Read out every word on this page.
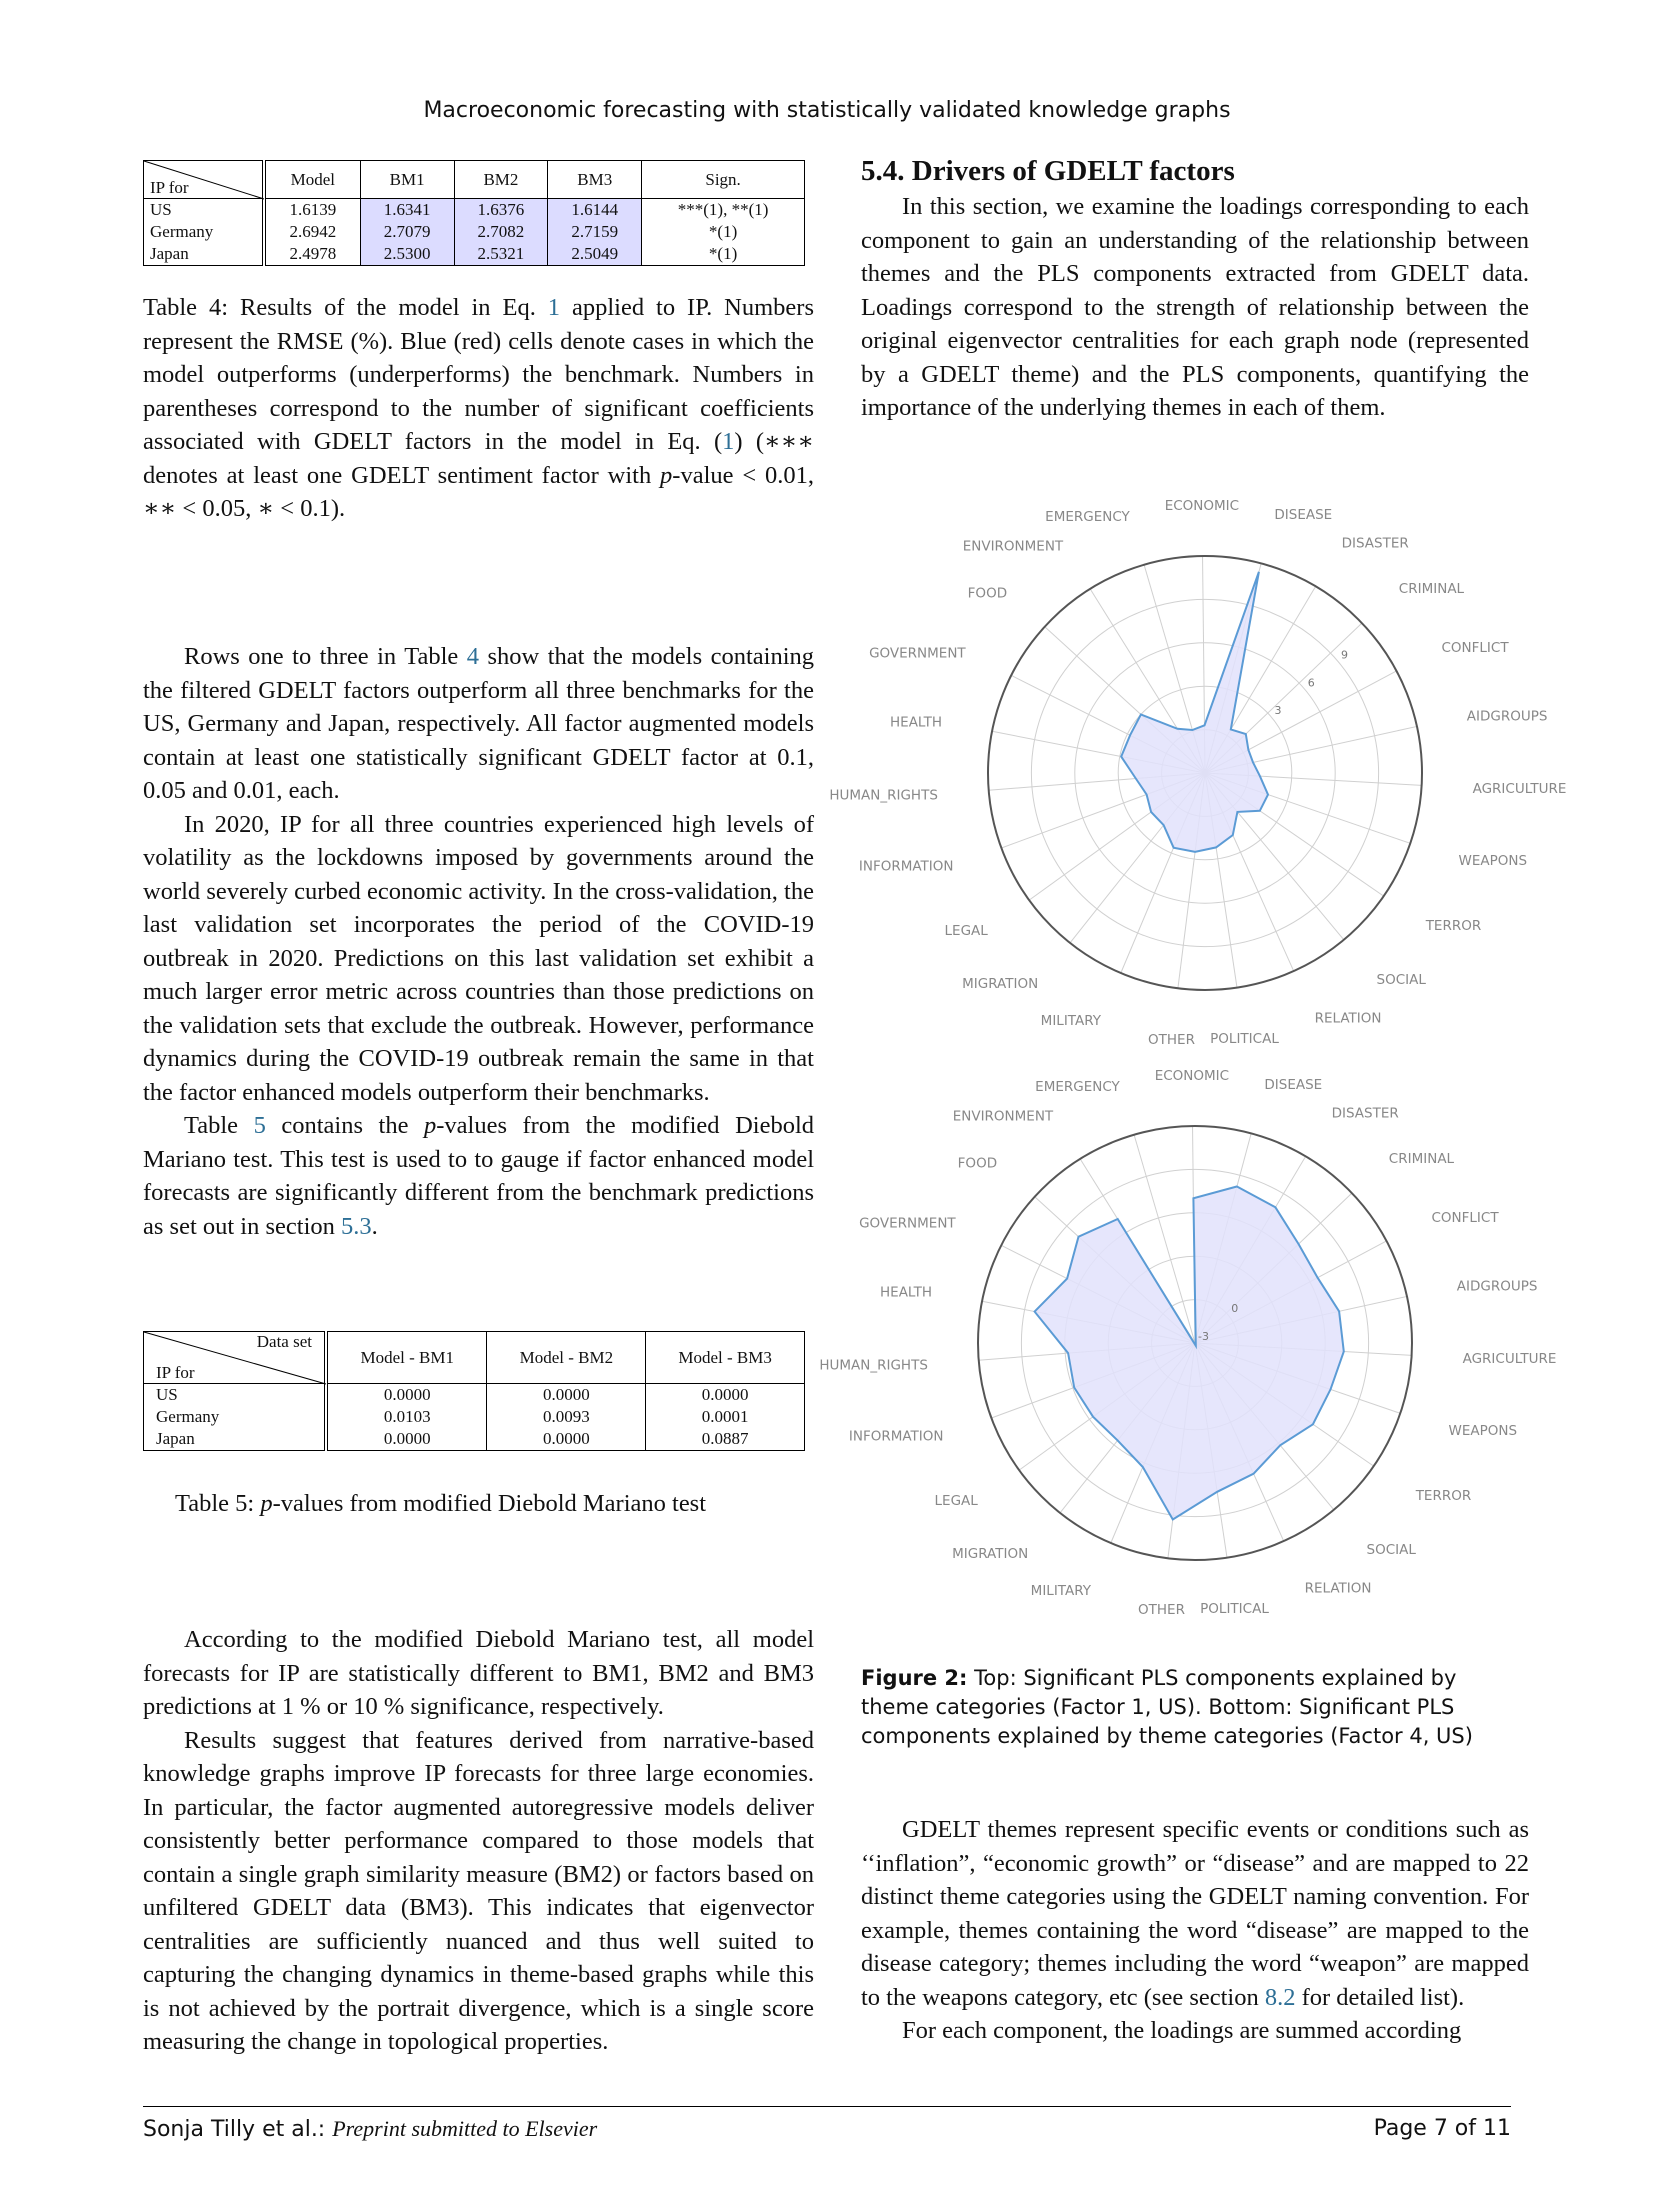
Macroeconomic forecasting with statistically validated knowledge graphs
IP for	Model	BM1	BM2	BM3	Sign.
US	1.6139	1.6341	1.6376	1.6144	***(1), **(1)
Germany	2.6942	2.7079	2.7082	2.7159	*(1)
Japan	2.4978	2.5300	2.5321	2.5049	*(1)
Table 4: Results of the model in Eq. 1 applied to IP. Numbers represent the RMSE (%). Blue (red) cells denote cases in which the model outperforms (underperforms) the benchmark. Numbers in parentheses correspond to the number of significant coefficients associated with GDELT factors in the model in Eq. (1) (∗∗∗ denotes at least one GDELT sentiment factor with p-value < 0.01, ∗∗ < 0.05, ∗ < 0.1).

Rows one to three in Table 4 show that the models containing the filtered GDELT factors outperform all three benchmarks for the US, Germany and Japan, respectively. All factor augmented models contain at least one statistically significant GDELT factor at 0.1, 0.05 and 0.01, each.

In 2020, IP for all three countries experienced high levels of volatility as the lockdowns imposed by governments around the world severely curbed economic activity. In the cross-validation, the last validation set incorporates the period of the COVID-19 outbreak in 2020. Predictions on this last validation set exhibit a much larger error metric across countries than those predictions on the validation sets that exclude the outbreak. However, performance dynamics during the COVID-19 outbreak remain the same in that the factor enhanced models outperform their benchmarks.

Table 5 contains the p-values from the modified Diebold Mariano test. This test is used to to gauge if factor enhanced model forecasts are significantly different from the benchmark predictions as set out in section 5.3.

Data set
IP for	Model - BM1	Model - BM2	Model - BM3
US	0.0000	0.0000	0.0000
Germany	0.0103	0.0093	0.0001
Japan	0.0000	0.0000	0.0887
Table 5: p-values from modified Diebold Mariano test

According to the modified Diebold Mariano test, all model forecasts for IP are statistically different to BM1, BM2 and BM3 predictions at 1 % or 10 % significance, respectively.

Results suggest that features derived from narrative-based knowledge graphs improve IP forecasts for three large economies. In particular, the factor augmented autoregressive models deliver consistently better performance compared to those models that contain a single graph similarity measure (BM2) or factors based on unfiltered GDELT data (BM3). This indicates that eigenvector centralities are sufficiently nuanced and thus well suited to capturing the changing dynamics in theme-based graphs while this is not achieved by the portrait divergence, which is a single score measuring the change in topological properties.

5.4. Drivers of GDELT factors

In this section, we examine the loadings corresponding to each component to gain an understanding of the relationship between themes and the PLS components extracted from GDELT data. Loadings correspond to the strength of relationship between the original eigenvector centralities for each graph node (represented by a GDELT theme) and the PLS components, quantifying the importance of the underlying themes in each of them.

3
6
9
DISEASE
DISASTER
CRIMINAL
CONFLICT
AIDGROUPS
AGRICULTURE
WEAPONS
TERROR
SOCIAL
RELATION
POLITICAL
OTHER
MILITARY
MIGRATION
LEGAL
INFORMATION
HUMAN_RIGHTS
HEALTH
GOVERNMENT
FOOD
ENVIRONMENT
EMERGENCY
ECONOMIC
-3
0
DISEASE
DISASTER
CRIMINAL
CONFLICT
AIDGROUPS
AGRICULTURE
WEAPONS
TERROR
SOCIAL
RELATION
POLITICAL
OTHER
MILITARY
MIGRATION
LEGAL
INFORMATION
HUMAN_RIGHTS
HEALTH
GOVERNMENT
FOOD
ENVIRONMENT
EMERGENCY
ECONOMIC
Figure 2: Top: Significant PLS components explained by theme categories (Factor 1, US). Bottom: Significant PLS components explained by theme categories (Factor 4, US)

GDELT themes represent specific events or conditions such as ‘‘inflation”, “economic growth” or “disease” and are mapped to 22 distinct theme categories using the GDELT naming convention. For example, themes containing the word “disease” are mapped to the disease category; themes including the word “weapon” are mapped to the weapons category, etc (see section 8.2 for detailed list).

For each component, the loadings are summed according

Sonja Tilly et al.: Preprint submitted to Elsevier	Page 7 of 11
